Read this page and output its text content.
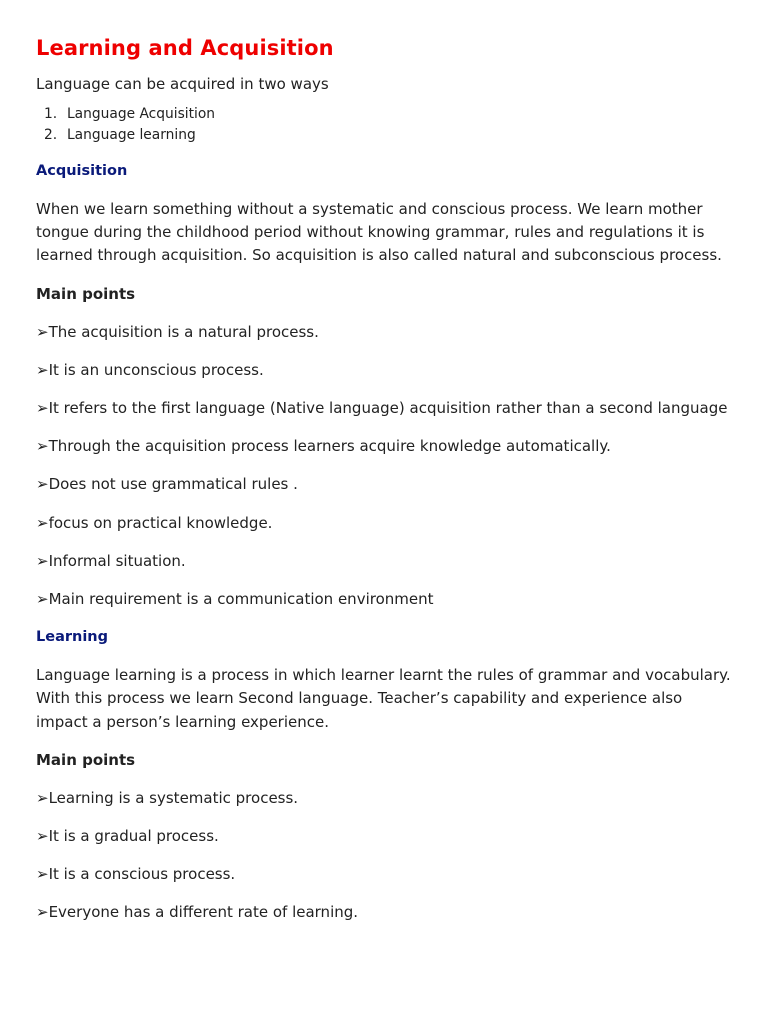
Learning and Acquisition
Language can be acquired in two ways
1. Language Acquisition
2. Language learning
Acquisition

When we learn something without a systematic and conscious process. We learn mother tongue during the childhood period without knowing grammar, rules and regulations it is learned through acquisition. So acquisition is also called natural and subconscious process.

Main points
➢The acquisition is a natural process.
➢It is an unconscious process.
➢It refers to the first language (Native language) acquisition rather than a second language
➢Through the acquisition process learners acquire knowledge automatically.
➢Does not use grammatical rules .
➢focus on practical knowledge.
➢Informal situation.
➢Main requirement is a communication environment
Learning

Language learning is a process in which learner learnt the rules of grammar and vocabulary. With this process we learn Second language. Teacher’s capability and experience also impact a person’s learning experience.

Main points
➢Learning is a systematic process.
➢It is a gradual process.
➢It is a conscious process.
➢Everyone has a different rate of learning.
